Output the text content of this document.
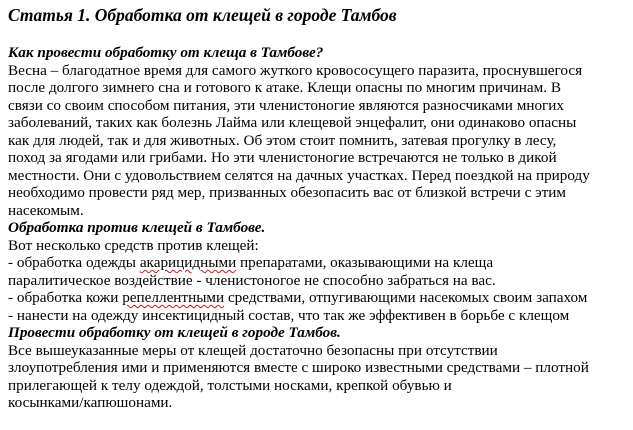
Статья 1. Обработка от клещей в городе Тамбов
Как провести обработку от клеща в Тамбове?
Весна – благодатное время для самого жуткого кровососущего паразита, проснувшегося
после долгого зимнего сна и готового к атаке. Клещи опасны по многим причинам. В
связи со своим способом питания, эти членистоногие являются разносчиками многих
заболеваний, таких как болезнь Лайма или клещевой энцефалит, они одинаково опасны
как для людей, так и для животных. Об этом стоит помнить, затевая прогулку в лесу,
поход за ягодами или грибами. Но эти членистоногие встречаются не только в дикой
местности. Они с удовольствием селятся на дачных участках. Перед поездкой на природу
необходимо провести ряд мер, призванных обезопасить вас от близкой встречи с этим
насекомым.
Обработка против клещей в Тамбове.
Вот несколько средств против клещей:
- обработка одежды акарицидными препаратами, оказывающими на клеща
паралитическое воздействие - членистоногое не способно забраться на вас.
- обработка кожи репеллентными средствами, отпугивающими насекомых своим запахом
- нанести на одежду инсектицидный состав, что так же эффективен в борьбе с клещом
Провести обработку от клещей в городе Тамбов.
Все вышеуказанные меры от клещей достаточно безопасны при отсутствии
злоупотребления ими и применяются вместе с широко известными средствами – плотной
прилегающей к телу одеждой, толстыми носками, крепкой обувью и
косынками/капюшонами.
